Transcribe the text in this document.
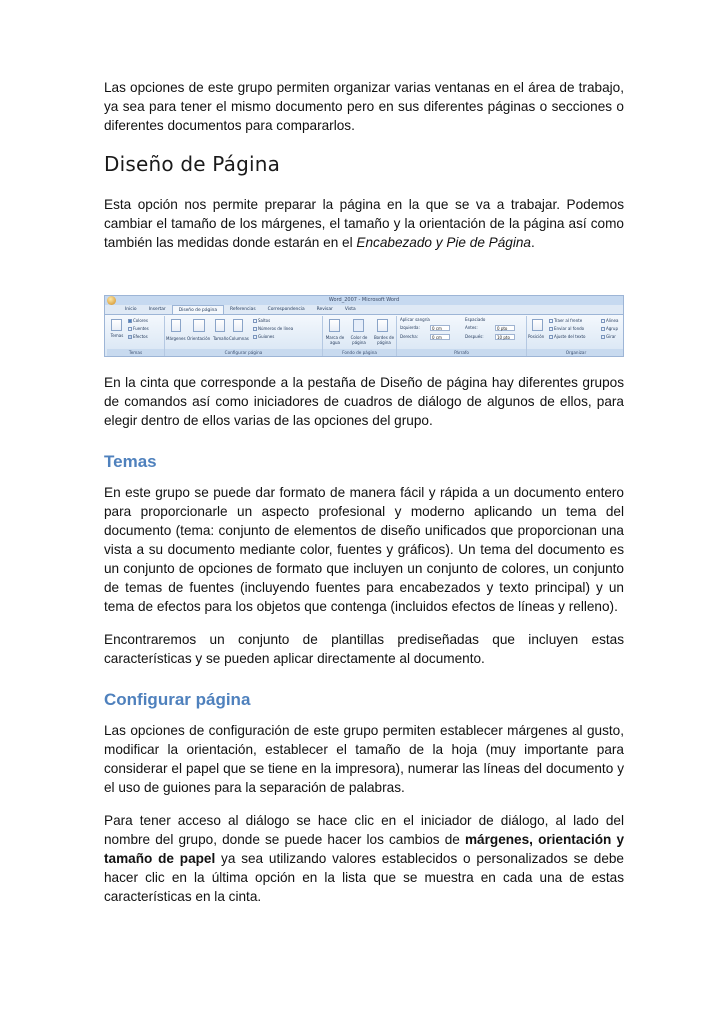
Las opciones de este grupo permiten organizar varias ventanas en el área de trabajo, ya sea para tener el mismo documento pero en sus diferentes páginas o secciones o diferentes documentos para compararlos.

Diseño de Página

Esta opción nos permite preparar la página en la que se va a trabajar. Podemos cambiar el tamaño de los márgenes, el tamaño y la orientación de la página así como también las medidas donde estarán en el Encabezado y Pie de Página.

Word_2007 - Microsoft Word
Inicio	Insertar	Diseño de página	Referencias	Correspondencia	Revisar	Vista
Temas
Colores
Fuentes
Efectos
Temas
Márgenes Orientación Tamaño Columnas
Saltos
Números de línea
Guiones
Configurar página
Marca de agua
Color de página
Bordes de página
Fondo de página
Aplicar sangría
Izquierda:	0 cm
Derecha:	0 cm
Espaciado
Antes:	0 pto
Después:	10 pto
Párrafo
Posición
Traer al frente
Enviar al fondo
Ajuste del texto
Alinea
Agrup
Girar
Organizar

En la cinta que corresponde a la pestaña de Diseño de página hay diferentes grupos de comandos así como iniciadores de cuadros de diálogo de algunos de ellos, para elegir dentro de ellos varias de las opciones del grupo.

Temas

En este grupo se puede dar formato de manera fácil y rápida a un documento entero para proporcionarle un aspecto profesional y moderno aplicando un tema del documento (tema: conjunto de elementos de diseño unificados que proporcionan una vista a su documento mediante color, fuentes y gráficos). Un tema del documento es un conjunto de opciones de formato que incluyen un conjunto de colores, un conjunto de temas de fuentes (incluyendo fuentes para encabezados y texto principal) y un tema de efectos para los objetos que contenga (incluidos efectos de líneas y relleno).

Encontraremos un conjunto de plantillas prediseñadas que incluyen estas características y se pueden aplicar directamente al documento.

Configurar página

Las opciones de configuración de este grupo permiten establecer márgenes al gusto, modificar la orientación, establecer el tamaño de la hoja (muy importante para considerar el papel que se tiene en la impresora), numerar las líneas del documento y el uso de guiones para la separación de palabras.

Para tener acceso al diálogo se hace clic en el iniciador de diálogo, al lado del nombre del grupo, donde se puede hacer los cambios de márgenes, orientación y tamaño de papel ya sea utilizando valores establecidos o personalizados se debe hacer clic en la última opción en la lista que se muestra en cada una de estas características en la cinta.
